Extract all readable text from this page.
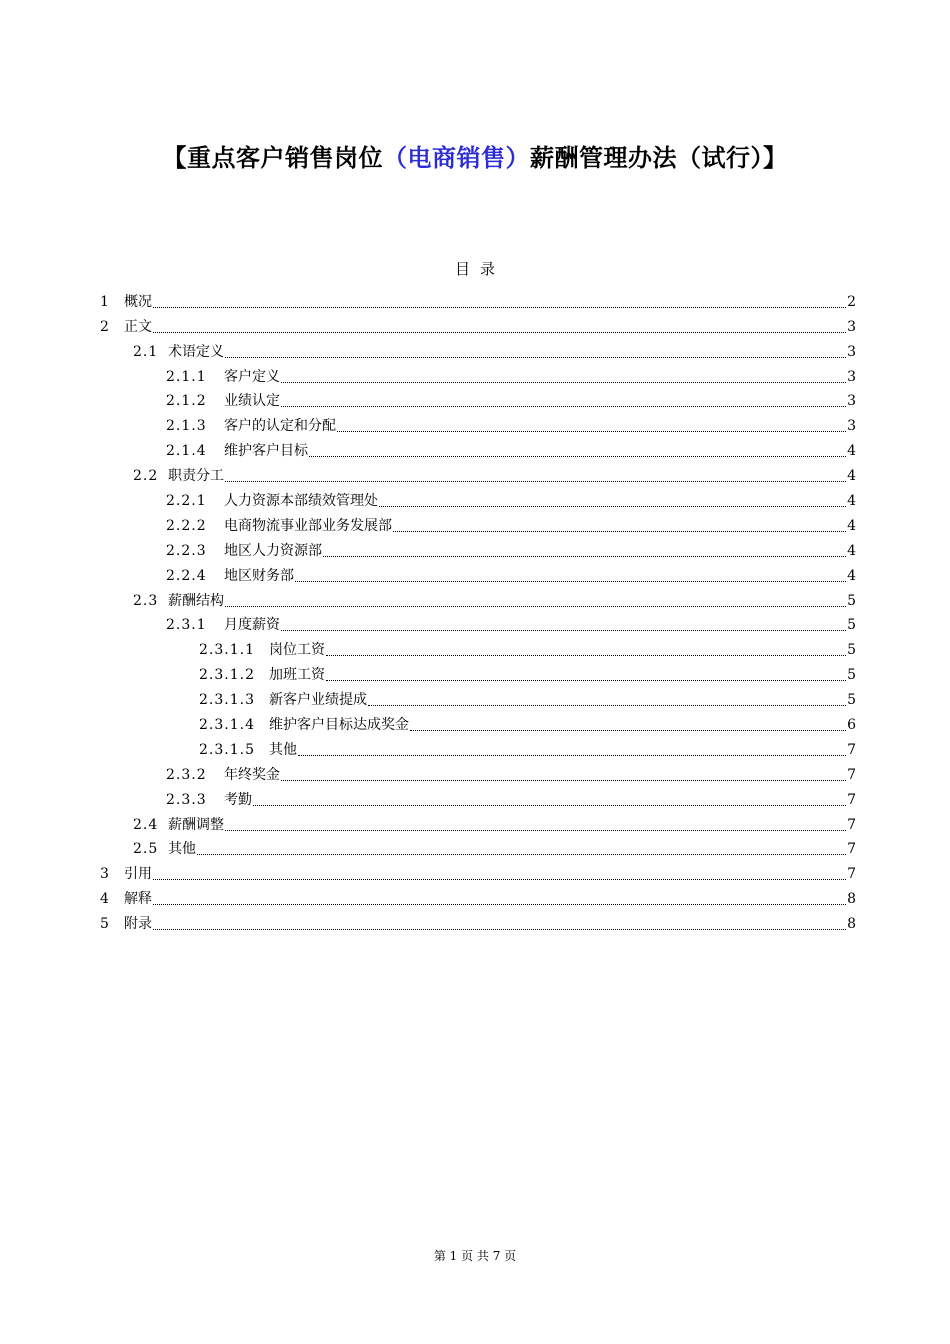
【重点客户销售岗位（电商销售）薪酬管理办法（试行）】
目录
1	概况	2
2	正文	3
2.1 术语定义	3
2.1.1	客户定义	3
2.1.2	业绩认定	3
2.1.3	客户的认定和分配	3
2.1.4	维护客户目标	4
2.2 职责分工	4
2.2.1	人力资源本部绩效管理处	4
2.2.2	电商物流事业部业务发展部	4
2.2.3	地区人力资源部	4
2.2.4	地区财务部	4
2.3 薪酬结构	5
2.3.1	月度薪资	5
2.3.1.1	岗位工资	5
2.3.1.2	加班工资	5
2.3.1.3	新客户业绩提成	5
2.3.1.4	维护客户目标达成奖金	6
2.3.1.5	其他	7
2.3.2	年终奖金	7
2.3.3	考勤	7
2.4 薪酬调整	7
2.5 其他	7
3	引用	7
4	解释	8
5	附录	8
第 1 页 共 7 页
